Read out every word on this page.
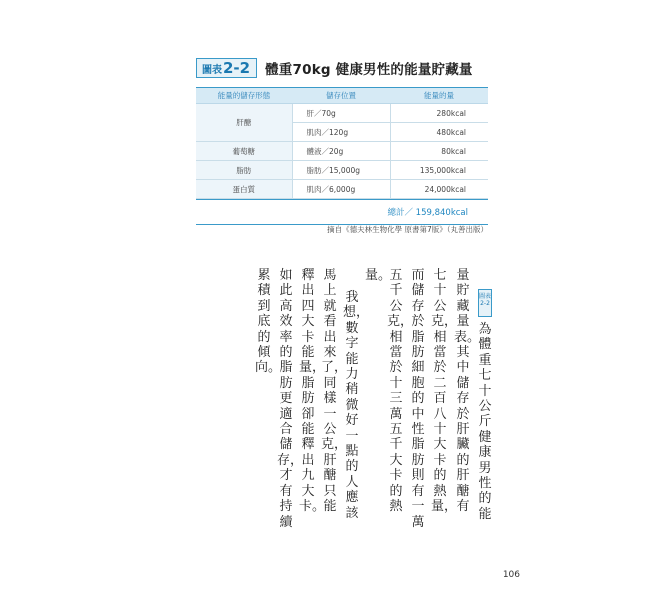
圖表 2-2 體重70kg 健康男性的能量貯藏量
能量的儲存形態	儲存位置	能量的量
肝醣	肝／70g	280kcal
	肌肉／120g	480kcal
葡萄糖	體液／20g	80kcal
脂肪	脂肪／15,000g	135,000kcal
蛋白質	肌肉／6,000g	24,000kcal
總計／ 159,840kcal
摘自《德夫林生物化學 原書第7版》（丸善出版）
圖表
2-2
為體重七十公斤健康男性的能
量貯藏量表。其中儲存於肝臟的肝醣有
七十公克，相當於二百八十大卡的熱量，
而儲存於脂肪細胞的中性脂肪則有一萬
五千公克，相當於十三萬五千大卡的熱
量。
我想，數字能力稍微好一點的人應該
馬上就看出來了，同樣一公克，肝醣只能
釋出四大卡能量，脂肪卻能釋出九大卡。
如此高效率的脂肪更適合儲存，才有持續
累積到底的傾向。
106
